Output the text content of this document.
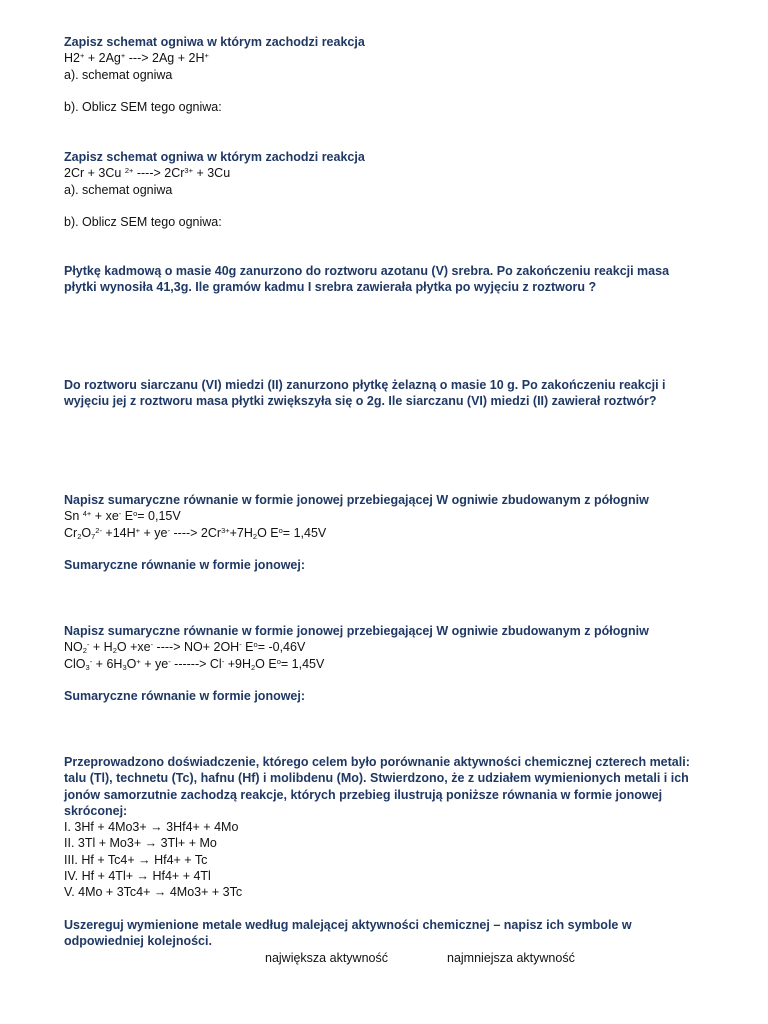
Zapisz schemat ogniwa w którym zachodzi reakcja
H2+ + 2Ag+ ---> 2Ag + 2H+
a). schemat ogniwa
b). Oblicz SEM tego ogniwa:
Zapisz schemat ogniwa w którym zachodzi reakcja
2Cr + 3Cu $^{2+}$ ----> $2Cr^{3+} + 3Cu$
a). schemat ogniwa
b). Oblicz SEM tego ogniwa:
Płytkę kadmową o masie 40g zanurzono do roztworu azotanu (V) srebra. Po zakończeniu reakcji masa
płytki wynosiła 41,3g. Ile gramów kadmu I srebra zawierała płytka po wyjęciu z roztworu ?
Do roztworu siarczanu (VI) miedzi (II) zanurzono płytkę żelazną o masie 10 g. Po zakończeniu reakcji i
wyjęciu jej z roztworu masa płytki zwiększyła się o 2g. Ile siarczanu (VI) miedzi (II) zawierał roztwór?
Napisz sumaryczne równanie w formie jonowej przebiegającej W ogniwie zbudowanym z półogniw
Sn $^{4+}$ + xe- $E^o= 0,15V$
$Cr_2O_7^{2-} +14H^+ + ye^-$ ----> $2Cr^{3+}+7H_2O$ $E^o= 1,45V$
Sumaryczne równanie w formie jonowej:
Napisz sumaryczne równanie w formie jonowej przebiegającej W ogniwie zbudowanym z półogniw
$NO_2^- + H_2O +xe^-$ ----> NO+ 2OH- $E^o= -0,46V$
$ClO_3^- + 6H_3O^+ + ye^-$ ------> $Cl^- +9H_2O$ $E^o= 1,45V$
Sumaryczne równanie w formie jonowej:
Przeprowadzono doświadczenie, którego celem było porównanie aktywności chemicznej czterech metali:
talu (Tl), technetu (Tc), hafnu (Hf) i molibdenu (Mo). Stwierdzono, że z udziałem wymienionych metali i ich
jonów samorzutnie zachodzą reakcje, których przebieg ilustrują poniższe równania w formie jonowej
skróconej:
I. 3Hf + 4Mo3+ → 3Hf4+ + 4Mo
II. 3Tl + Mo3+ → 3Tl+ + Mo
III. Hf + Tc4+ → Hf4+ + Tc
IV. Hf + 4Tl+ → Hf4+ + 4Tl
V. 4Mo + 3Tc4+ → 4Mo3+ + 3Tc
Uszereguj wymienione metale według malejącej aktywności chemicznej – napisz ich symbole w
odpowiedniej kolejności.
największa aktywność	najmniejsza aktywność
